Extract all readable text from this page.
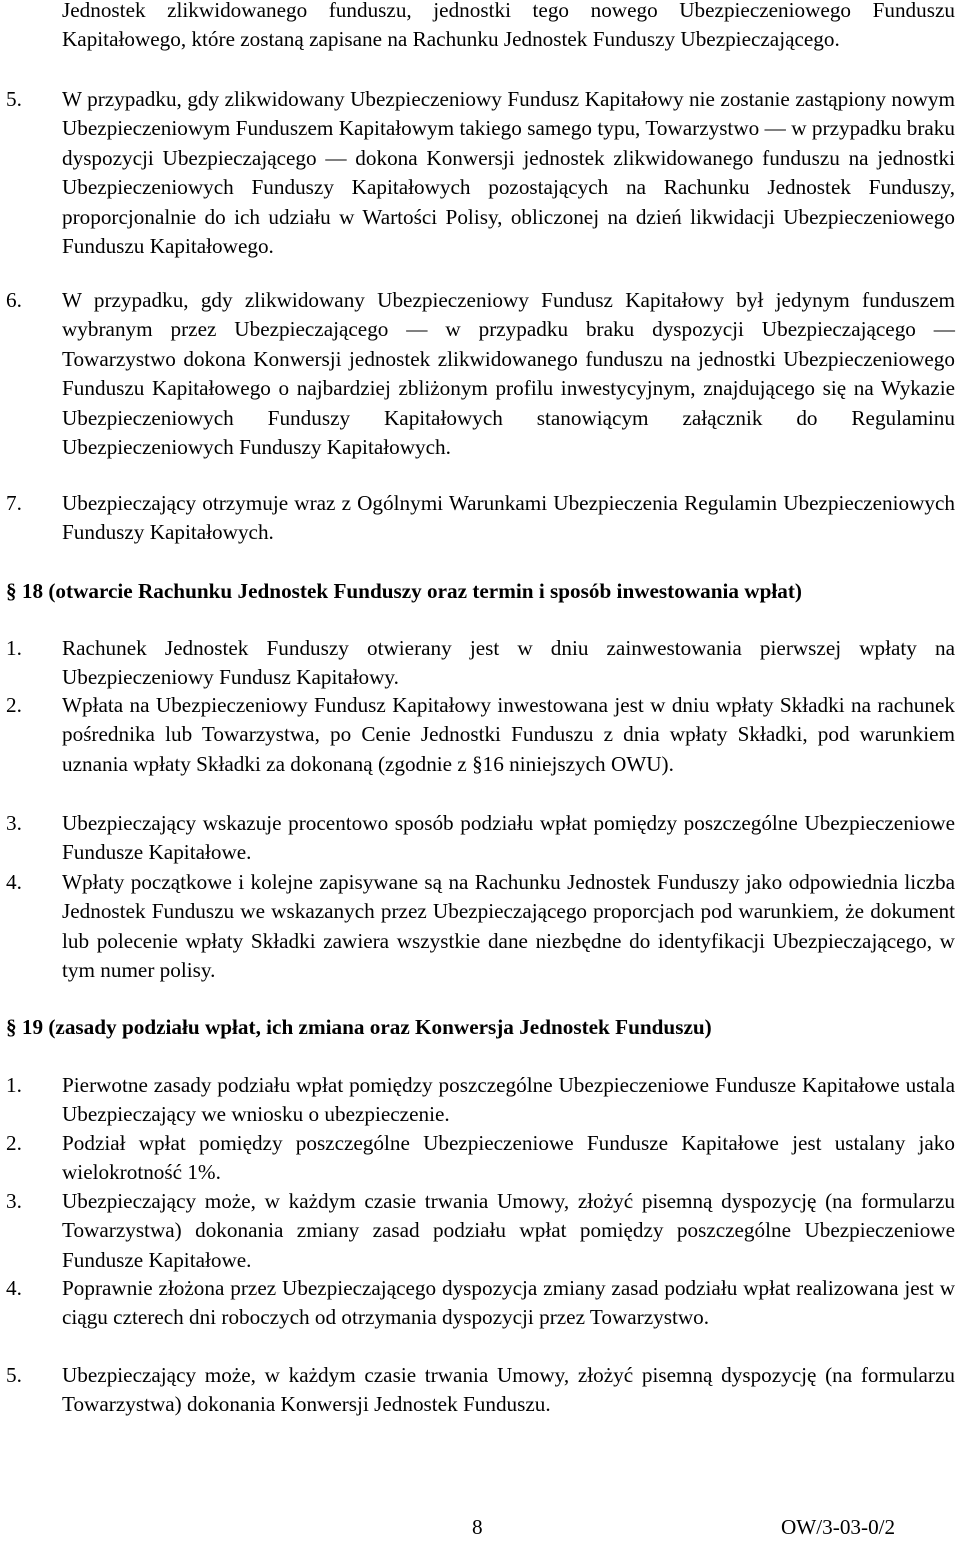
Jednostek zlikwidowanego funduszu, jednostki tego nowego Ubezpieczeniowego Funduszu Kapitałowego, które zostaną zapisane na Rachunku Jednostek Funduszy Ubezpieczającego.
5. W przypadku, gdy zlikwidowany Ubezpieczeniowy Fundusz Kapitałowy nie zostanie zastąpiony nowym Ubezpieczeniowym Funduszem Kapitałowym takiego samego typu, Towarzystwo — w przypadku braku dyspozycji Ubezpieczającego — dokona Konwersji jednostek zlikwidowanego funduszu na jednostki Ubezpieczeniowych Funduszy Kapitałowych pozostających na Rachunku Jednostek Funduszy, proporcjonalnie do ich udziału w Wartości Polisy, obliczonej na dzień likwidacji Ubezpieczeniowego Funduszu Kapitałowego.
6. W przypadku, gdy zlikwidowany Ubezpieczeniowy Fundusz Kapitałowy był jedynym funduszem wybranym przez Ubezpieczającego — w przypadku braku dyspozycji Ubezpieczającego — Towarzystwo dokona Konwersji jednostek zlikwidowanego funduszu na jednostki Ubezpieczeniowego Funduszu Kapitałowego o najbardziej zbliżonym profilu inwestycyjnym, znajdującego się na Wykazie Ubezpieczeniowych Funduszy Kapitałowych stanowiącym załącznik do Regulaminu Ubezpieczeniowych Funduszy Kapitałowych.
7. Ubezpieczający otrzymuje wraz z Ogólnymi Warunkami Ubezpieczenia Regulamin Ubezpieczeniowych Funduszy Kapitałowych.
§ 18 (otwarcie Rachunku Jednostek Funduszy oraz termin i sposób inwestowania wpłat)
1. Rachunek Jednostek Funduszy otwierany jest w dniu zainwestowania pierwszej wpłaty na Ubezpieczeniowy Fundusz Kapitałowy.
2. Wpłata na Ubezpieczeniowy Fundusz Kapitałowy inwestowana jest w dniu wpłaty Składki na rachunek pośrednika lub Towarzystwa, po Cenie Jednostki Funduszu z dnia wpłaty Składki, pod warunkiem uznania wpłaty Składki za dokonaną (zgodnie z §16 niniejszych OWU).
3. Ubezpieczający wskazuje procentowo sposób podziału wpłat pomiędzy poszczególne Ubezpieczeniowe Fundusze Kapitałowe.
4. Wpłaty początkowe i kolejne zapisywane są na Rachunku Jednostek Funduszy jako odpowiednia liczba Jednostek Funduszu we wskazanych przez Ubezpieczającego proporcjach pod warunkiem, że dokument lub polecenie wpłaty Składki zawiera wszystkie dane niezbędne do identyfikacji Ubezpieczającego, w tym numer polisy.
§ 19 (zasady podziału wpłat, ich zmiana oraz Konwersja Jednostek Funduszu)
1. Pierwotne zasady podziału wpłat pomiędzy poszczególne Ubezpieczeniowe Fundusze Kapitałowe ustala Ubezpieczający we wniosku o ubezpieczenie.
2. Podział wpłat pomiędzy poszczególne Ubezpieczeniowe Fundusze Kapitałowe jest ustalany jako wielokrotność 1%.
3. Ubezpieczający może, w każdym czasie trwania Umowy, złożyć pisemną dyspozycję (na formularzu Towarzystwa) dokonania zmiany zasad podziału wpłat pomiędzy poszczególne Ubezpieczeniowe Fundusze Kapitałowe.
4. Poprawnie złożona przez Ubezpieczającego dyspozycja zmiany zasad podziału wpłat realizowana jest w ciągu czterech dni roboczych od otrzymania dyspozycji przez Towarzystwo.
5. Ubezpieczający może, w każdym czasie trwania Umowy, złożyć pisemną dyspozycję (na formularzu Towarzystwa) dokonania Konwersji Jednostek Funduszu.
8	OW/3-03-0/2
